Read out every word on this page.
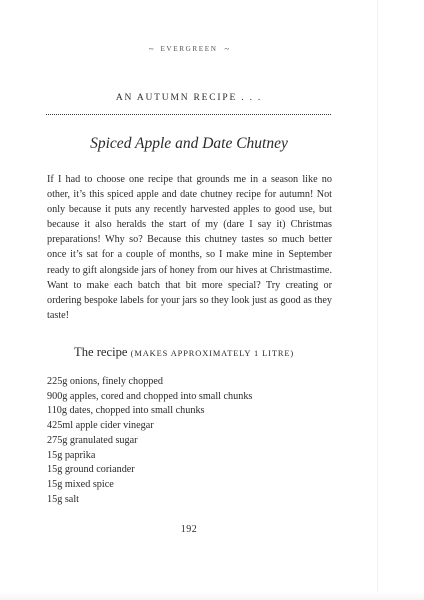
~ EVERGREEN ~
AN AUTUMN RECIPE . . .
Spiced Apple and Date Chutney

If I had to choose one recipe that grounds me in a season like no other, it’s this spiced apple and date chutney recipe for autumn! Not only because it puts any recently harvested apples to good use, but because it also heralds the start of my (dare I say it) Christmas preparations! Why so? Because this chutney tastes so much better once it’s sat for a couple of months, so I make mine in September ready to gift alongside jars of honey from our hives at Christmastime. Want to make each batch that bit more special? Try creating or ordering bespoke labels for your jars so they look just as good as they taste!

The recipe (MAKES APPROXIMATELY 1 LITRE)
225g onions, finely chopped
900g apples, cored and chopped into small chunks
110g dates, chopped into small chunks
425ml apple cider vinegar
275g granulated sugar
15g paprika
15g ground coriander
15g mixed spice
15g salt
192
